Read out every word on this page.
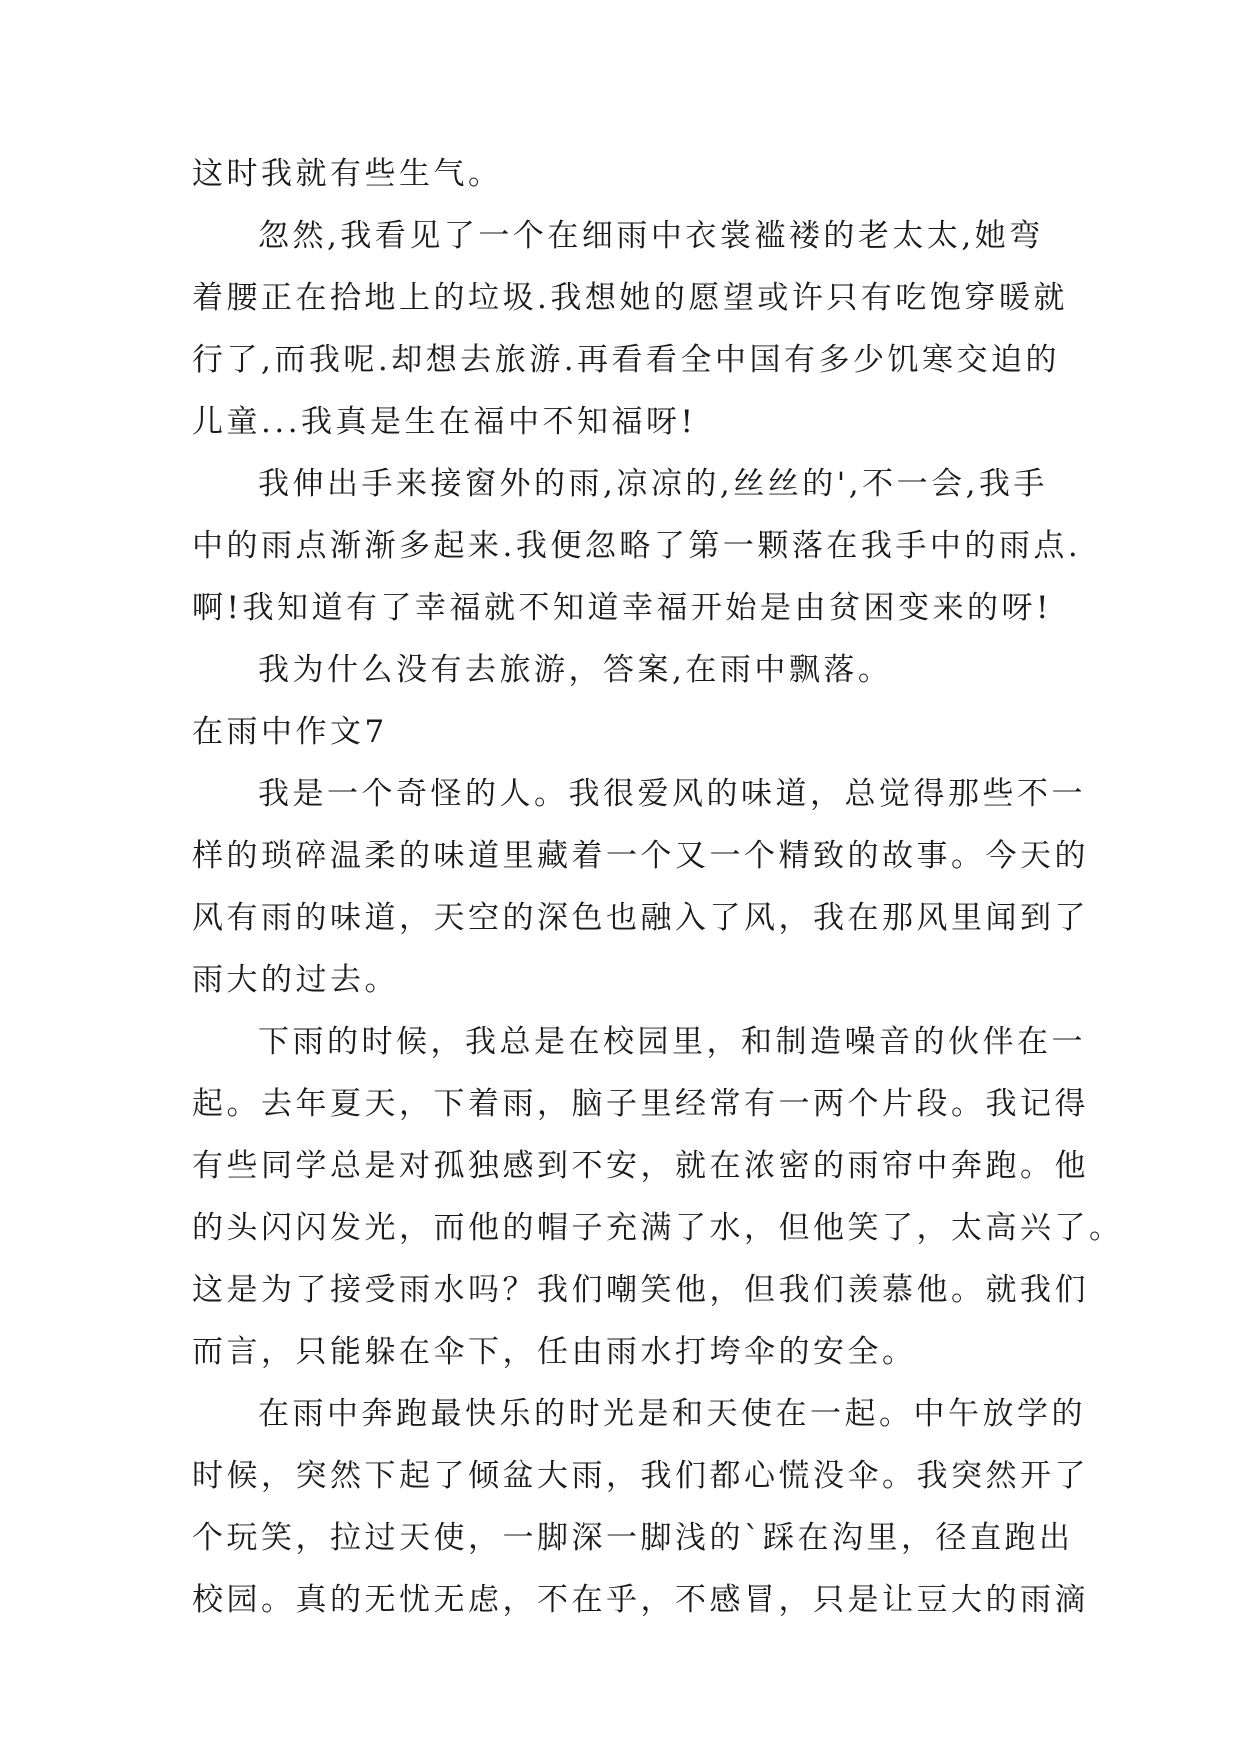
这时我就有些生气。
忽然,我看见了一个在细雨中衣裳褴褛的老太太,她弯
着腰正在拾地上的垃圾.我想她的愿望或许只有吃饱穿暖就
行了,而我呢.却想去旅游.再看看全中国有多少饥寒交迫的
儿童...我真是生在福中不知福呀!
我伸出手来接窗外的雨,凉凉的,丝丝的',不一会,我手
中的雨点渐渐多起来.我便忽略了第一颗落在我手中的雨点.
啊!我知道有了幸福就不知道幸福开始是由贫困变来的呀!
我为什么没有去旅游，答案,在雨中飘落。
在雨中作文7
我是一个奇怪的人。我很爱风的味道，总觉得那些不一
样的琐碎温柔的味道里藏着一个又一个精致的故事。今天的
风有雨的味道，天空的深色也融入了风，我在那风里闻到了
雨大的过去。
下雨的时候，我总是在校园里，和制造噪音的伙伴在一
起。去年夏天，下着雨，脑子里经常有一两个片段。我记得
有些同学总是对孤独感到不安，就在浓密的雨帘中奔跑。他
的头闪闪发光，而他的帽子充满了水，但他笑了，太高兴了。
这是为了接受雨水吗？我们嘲笑他，但我们羡慕他。就我们
而言，只能躲在伞下，任由雨水打垮伞的安全。
在雨中奔跑最快乐的时光是和天使在一起。中午放学的
时候，突然下起了倾盆大雨，我们都心慌没伞。我突然开了
个玩笑，拉过天使，一脚深一脚浅的`踩在沟里，径直跑出
校园。真的无忧无虑，不在乎，不感冒，只是让豆大的雨滴
